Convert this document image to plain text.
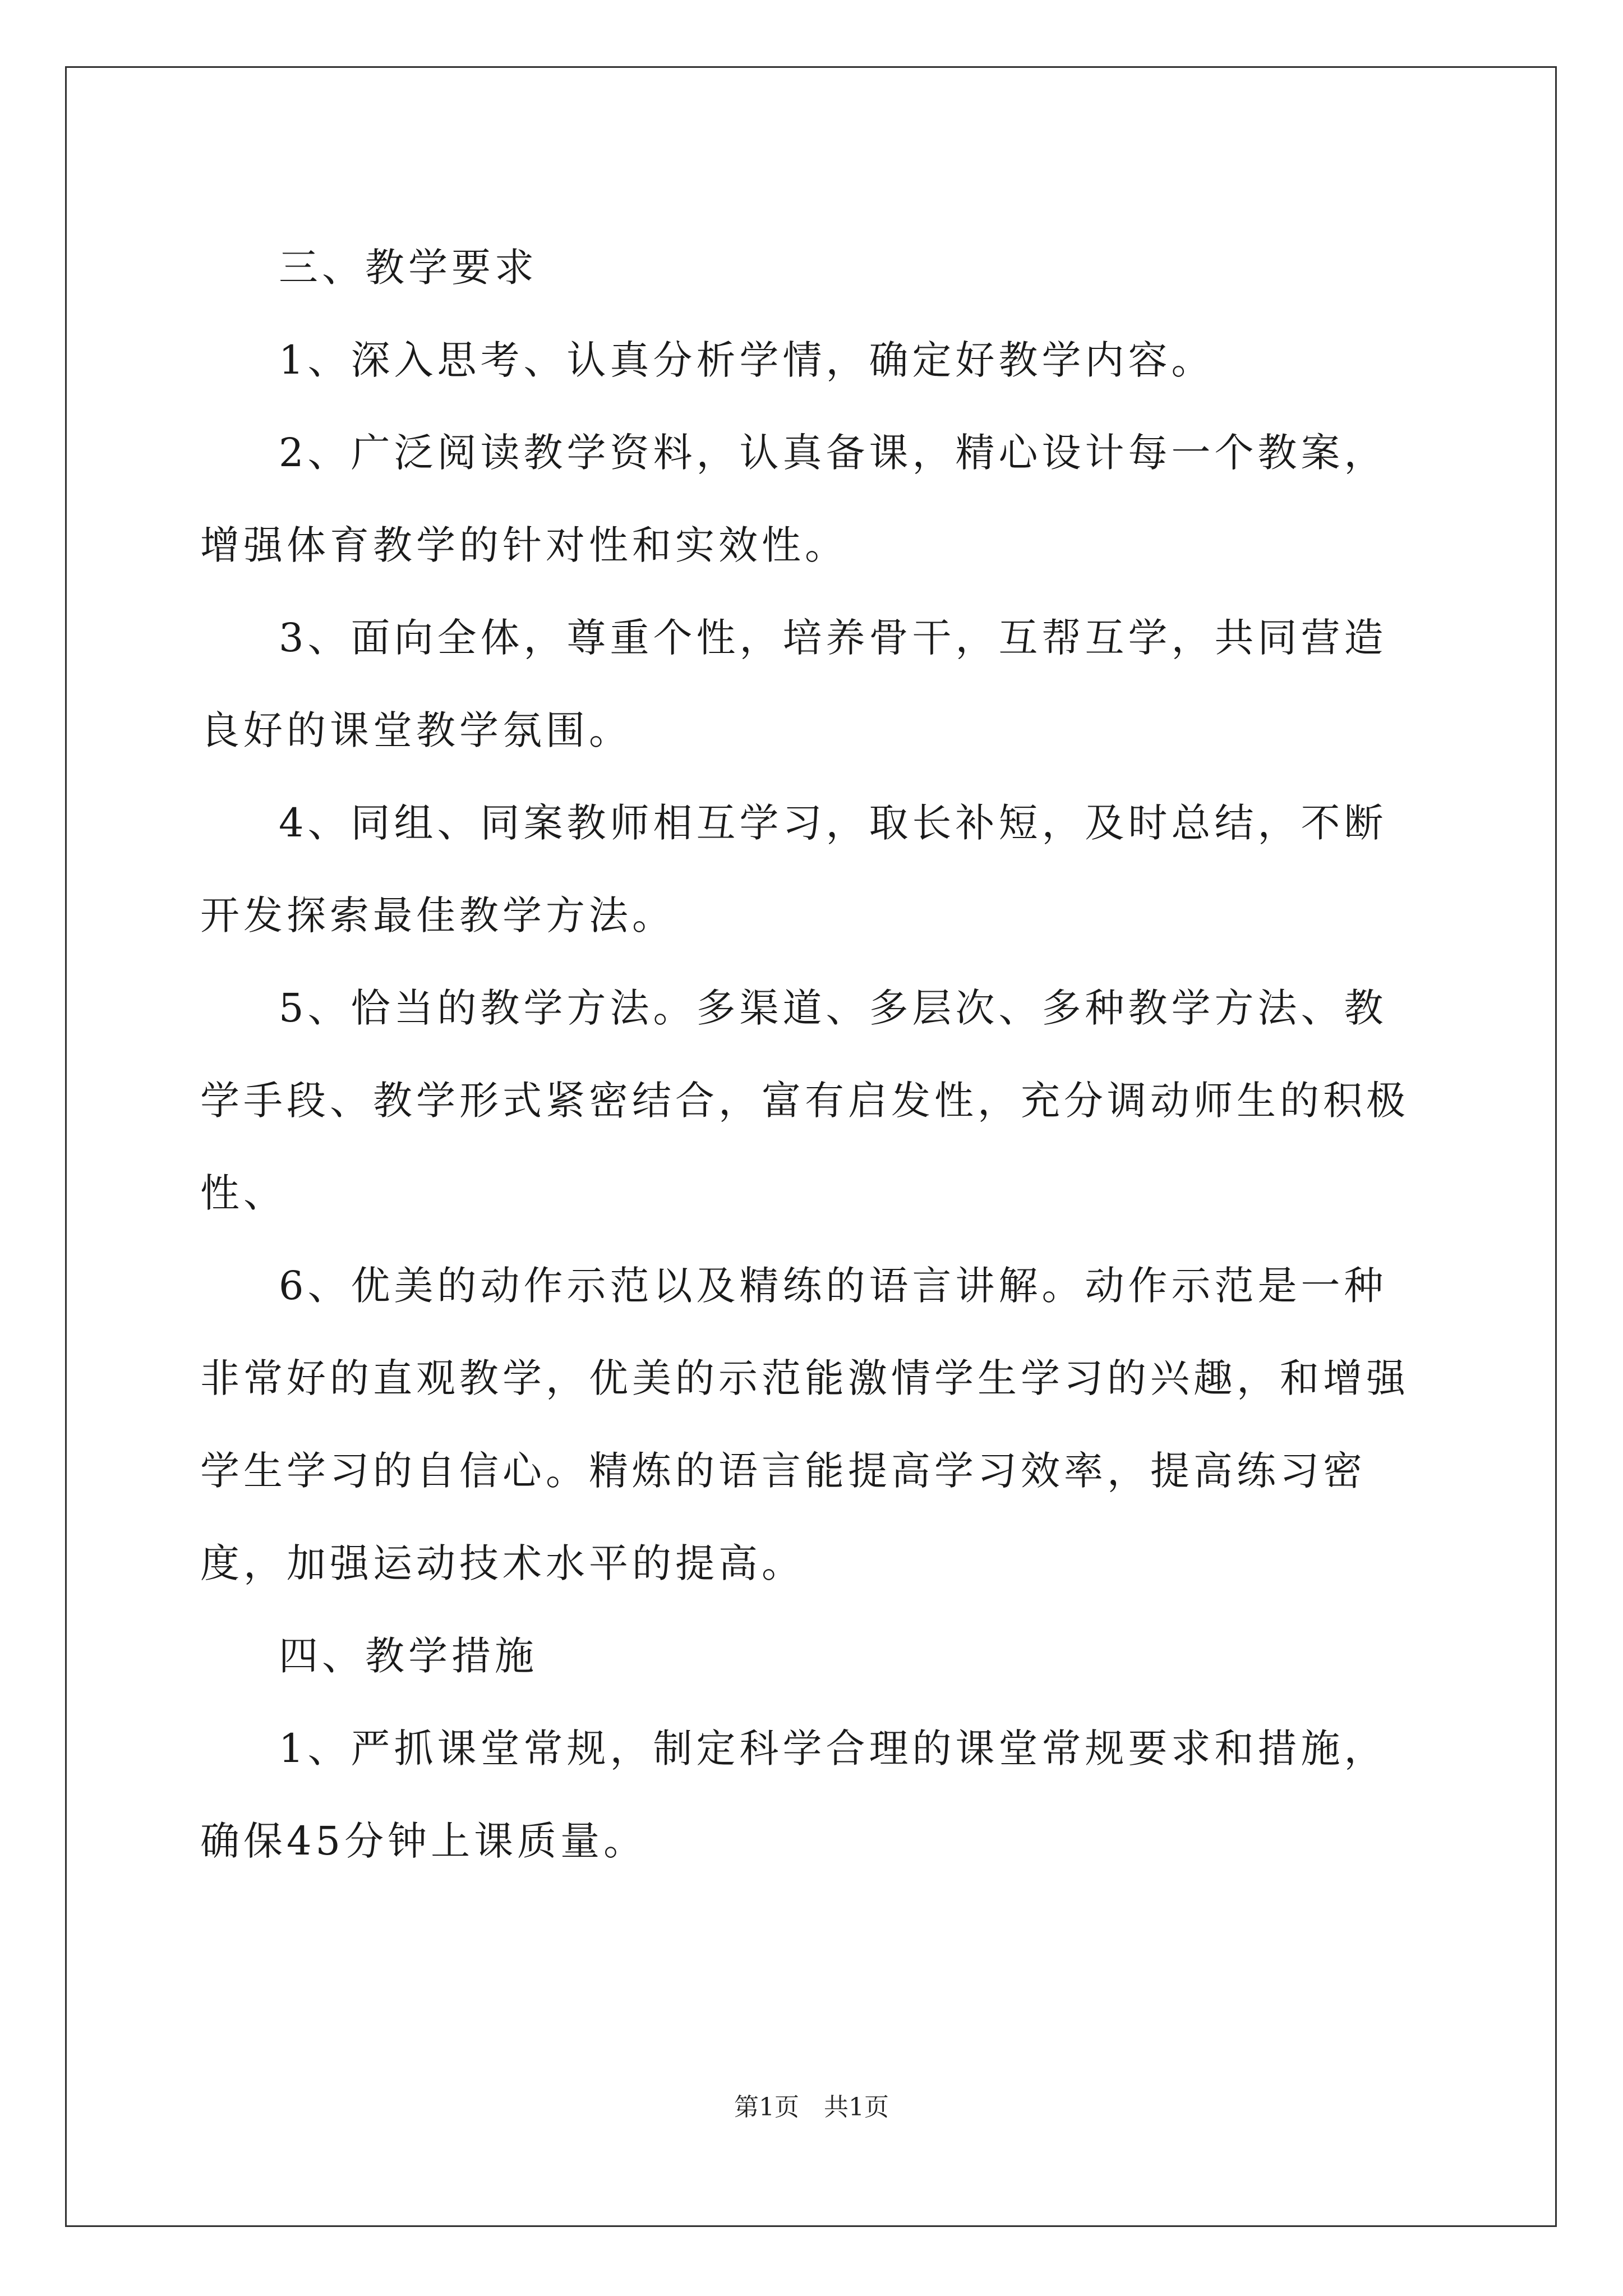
三、教学要求

1、深入思考、认真分析学情，确定好教学内容。

2、广泛阅读教学资料，认真备课，精心设计每一个教案，增强体育教学的针对性和实效性。

3、面向全体，尊重个性，培养骨干，互帮互学，共同营造良好的课堂教学氛围。

4、同组、同案教师相互学习，取长补短，及时总结，不断开发探索最佳教学方法。

5、恰当的教学方法。多渠道、多层次、多种教学方法、教学手段、教学形式紧密结合，富有启发性，充分调动师生的积极性、

6、优美的动作示范以及精练的语言讲解。动作示范是一种非常好的直观教学，优美的示范能激情学生学习的兴趣，和增强学生学习的自信心。精炼的语言能提高学习效率，提高练习密度，加强运动技术水平的提高。

四、教学措施

1、严抓课堂常规，制定科学合理的课堂常规要求和措施，确保45分钟上课质量。

第1页 共1页
